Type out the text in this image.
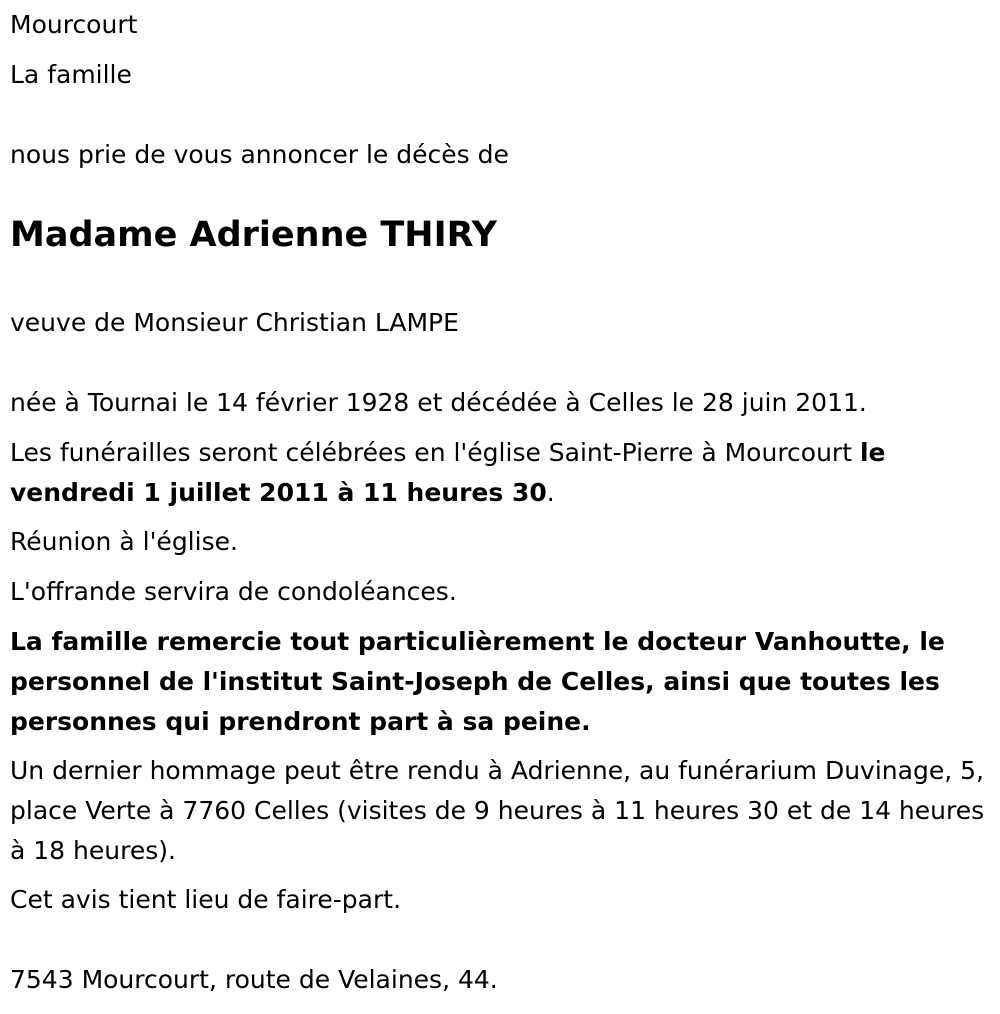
Mourcourt
La famille
nous prie de vous annoncer le décès de
Madame Adrienne THIRY
veuve de Monsieur Christian LAMPE
née à Tournai le 14 février 1928 et décédée à Celles le 28 juin 2011.
Les funérailles seront célébrées en l'église Saint-Pierre à Mourcourt le vendredi 1 juillet 2011 à 11 heures 30.
Réunion à l'église.
L'offrande servira de condoléances.
La famille remercie tout particulièrement le docteur Vanhoutte, le personnel de l'institut Saint-Joseph de Celles, ainsi que toutes les personnes qui prendront part à sa peine.
Un dernier hommage peut être rendu à Adrienne, au funérarium Duvinage, 5, place Verte à 7760 Celles (visites de 9 heures à 11 heures 30 et de 14 heures à 18 heures).
Cet avis tient lieu de faire-part.
7543 Mourcourt, route de Velaines, 44.
